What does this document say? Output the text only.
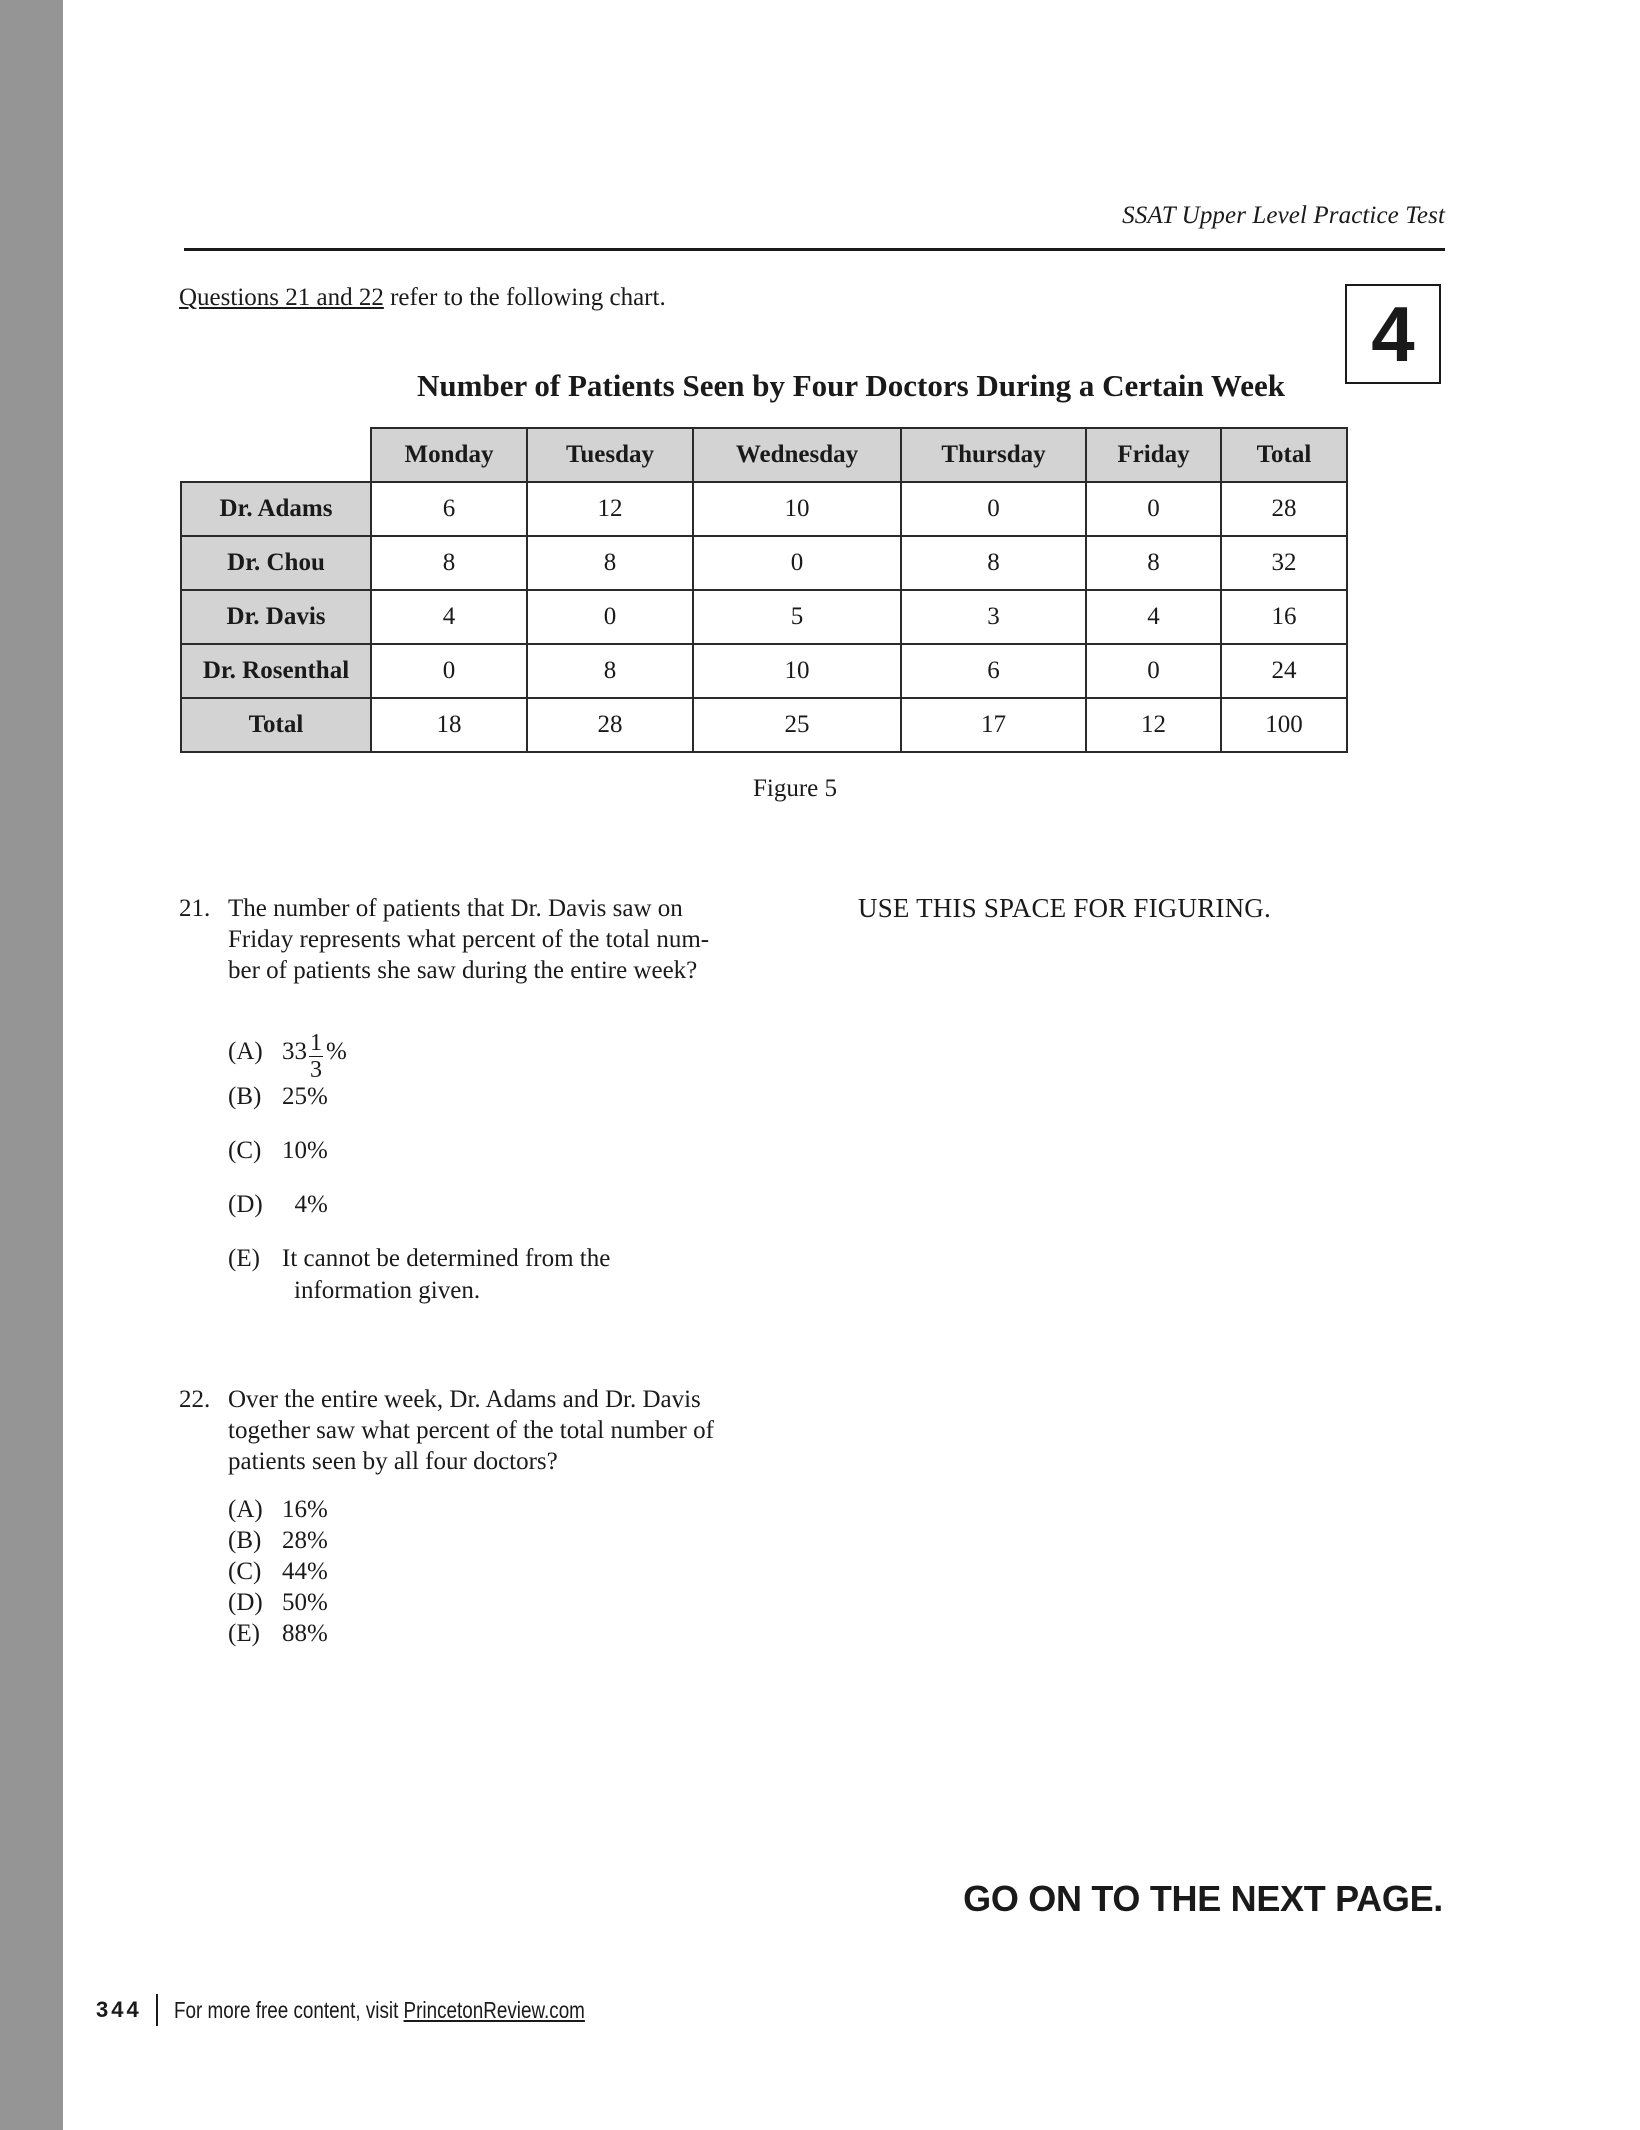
SSAT Upper Level Practice Test
4
Questions 21 and 22 refer to the following chart.
Number of Patients Seen by Four Doctors During a Certain Week
	Monday	Tuesday	Wednesday	Thursday	Friday	Total
Dr. Adams	6	12	10	0	0	28
Dr. Chou	8	8	0	8	8	32
Dr. Davis	4	0	5	3	4	16
Dr. Rosenthal	0	8	10	6	0	24
Total	18	28	25	17	12	100
Figure 5
21. The number of patients that Dr. Davis saw on
Friday represents what percent of the total num-
ber of patients she saw during the entire week?
(A) $33 \frac{1}{3}$ %
(B) 25%
(C) 10%
(D)  4%
(E) It cannot be determined from the
information given.
22. Over the entire week, Dr. Adams and Dr. Davis
together saw what percent of the total number of
patients seen by all four doctors?
(A) 16%
(B) 28%
(C) 44%
(D) 50%
(E) 88%
USE THIS SPACE FOR FIGURING.
GO ON TO THE NEXT PAGE.
344 For more free content, visit PrincetonReview.com
